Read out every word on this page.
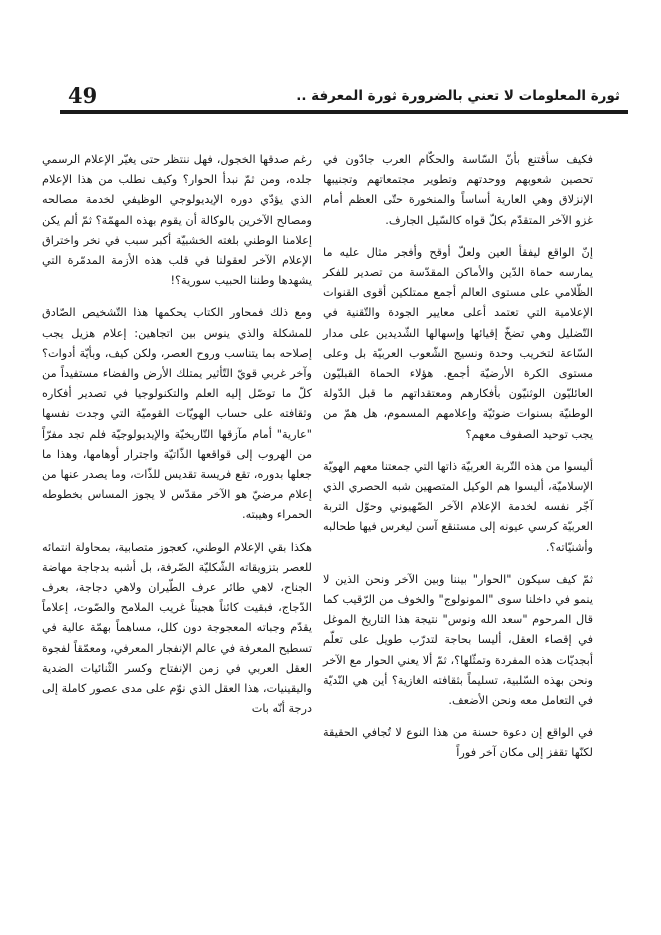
49	ثورة المعلومات لا تعني بالضرورة ثورة المعرفة ..

فكيف سأقتنع بأنّ السّاسة والحكّام العرب جادّون في تحصين شعوبهم ووحدتهم وتطوير مجتمعاتهم وتجنيبها الإنزلاق وهي العارية أساساً والمنخورة حتّى العظم أمام غزو الآخر المتقدّم بكلّ قواه كالسّيل الجارف.

إنّ الواقع ليفقأ العين ولعلّ أوقح وأفجر مثال عليه ما يمارسه حماة الدّين والأماكن المقدّسة من تصدير للفكر الظّلامي على مستوى العالم أجمع ممتلكين أقوى القنوات الإعلامية التي تعتمد أعلى معايير الجودة والتّقنية في التّضليل وهي تضخّ إقيائها وإسهالها الشّديدين على مدار السّاعة لتخريب وحدة ونسيج الشّعوب العربيّة بل وعلى مستوى الكرة الأرضيّة أجمع. هؤلاء الحماة القبليّون العائليّون الوثنيّون بأفكارهم ومعتقداتهم ما قبل الدّولة الوطنيّة بسنوات ضوئيّة وإعلامهم المسموم، هل همّ من يجب توحيد الصفوف معهم؟

أليسوا من هذه التّربة العربيّة ذاتها التي جمعتنا معهم الهويّة الإسلاميّة، أليسوا هم الوكيل المتصهين شبه الحصري الذي آجّر نفسه لخدمة الإعلام الآخر الصّهيوني وحوّل التربة العربيّة كرسي عيونه إلى مستنقع آسن ليغرس فيها طحالبه وأشنيّاته؟.

ثمّ كيف سيكون "الحوار" بيننا وبين الآخر ونحن الذين لا ينمو في داخلنا سوى "المونولوج" والخوف من الرّقيب كما قال المرحوم "سعد الله ونوس" نتيجة هذا التاريخ الموغل في إقصاء العقل، أليسا بحاجة لتدرّب طويل على تعلّم أبجديّات هذه المفردة وتمثّلها؟، ثمّ ألا يعني الحوار مع الآخر ونحن بهذه السّلبية، تسليماً بثقافته الغازية؟ أين هي النّديّة في التعامل معه ونحن الأضعف.

في الواقع إن دعوة حسنة من هذا النوع لا تُجافي الحقيقة لكنّها تقفز إلى مكان آخر فوراً

رغم صدقها الخجول، فهل ننتظر حتى يغيّر الإعلام الرسمي جلده، ومن ثمّ نبدأ الحوار؟ وكيف نطلب من هذا الإعلام الذي يؤدّي دوره الإيديولوجي الوظيفي لخدمة مصالحه ومصالح الآخرين بالوكالة أن يقوم بهذه المهمّة؟ ثمّ ألم يكن إعلامنا الوطني بلغته الخشبيّة أكبر سبب في نخر واختراق الإعلام الآخر لعقولنا في قلب هذه الأزمة المدمّرة التي يشهدها وطننا الحبيب سورية؟!

ومع ذلك فمحاور الكتاب يحكمها هذا التّشخيص الصّادق للمشكلة والذي ينوس بين اتجاهين: إعلام هزيل يجب إصلاحه بما يتناسب وروح العصر، ولكن كيف، وبأيّة أدوات؟ وآخر غربي قويّ التّأثير يمتلك الأرض والفضاء مستفيداً من كلّ ما توصّل إليه العلم والتكنولوجيا في تصدير أفكاره وثقافته على حساب الهويّات القوميّة التي وجدت نفسها "عارية" أمام مآزقها التّاريخيّة والإيديولوجيّة فلم تجد مفرّاً من الهروب إلى قواقعها الذّاتيّة واجترار أوهامها، وهذا ما جعلها بدوره، تقع فريسة تقديس للذّات، وما يصدر عنها من إعلام مرضيّ هو الآخر مقدّس لا يجوز المساس بخطوطه الحمراء وهيبته.

هكذا بقي الإعلام الوطني، كعجوز متصابية، بمحاولة انتمائه للعصر بتزويقاته الشّكليّة الصّرفة، بل أشبه بدجاجة مهاضة الجناح، لاهي طائر عرف الطّيران ولاهي دجاجة، بعرف الدّجاج، فبقيت كائناً هجيناً غريب الملامح والصّوت، إعلاماً يقدّم وجباته المعجوجة دون كلل، مساهماً بهمّة عالية في تسطيح المعرفة في عالم الإنفجار المعرفي، ومعمّقاً لفجوة العقل العربي في زمن الإنفتاح وكسر الثّنائيات الضدية واليقينيات، هذا العقل الذي نوّم على مدى عصور كاملة إلى درجة أنّه بات
